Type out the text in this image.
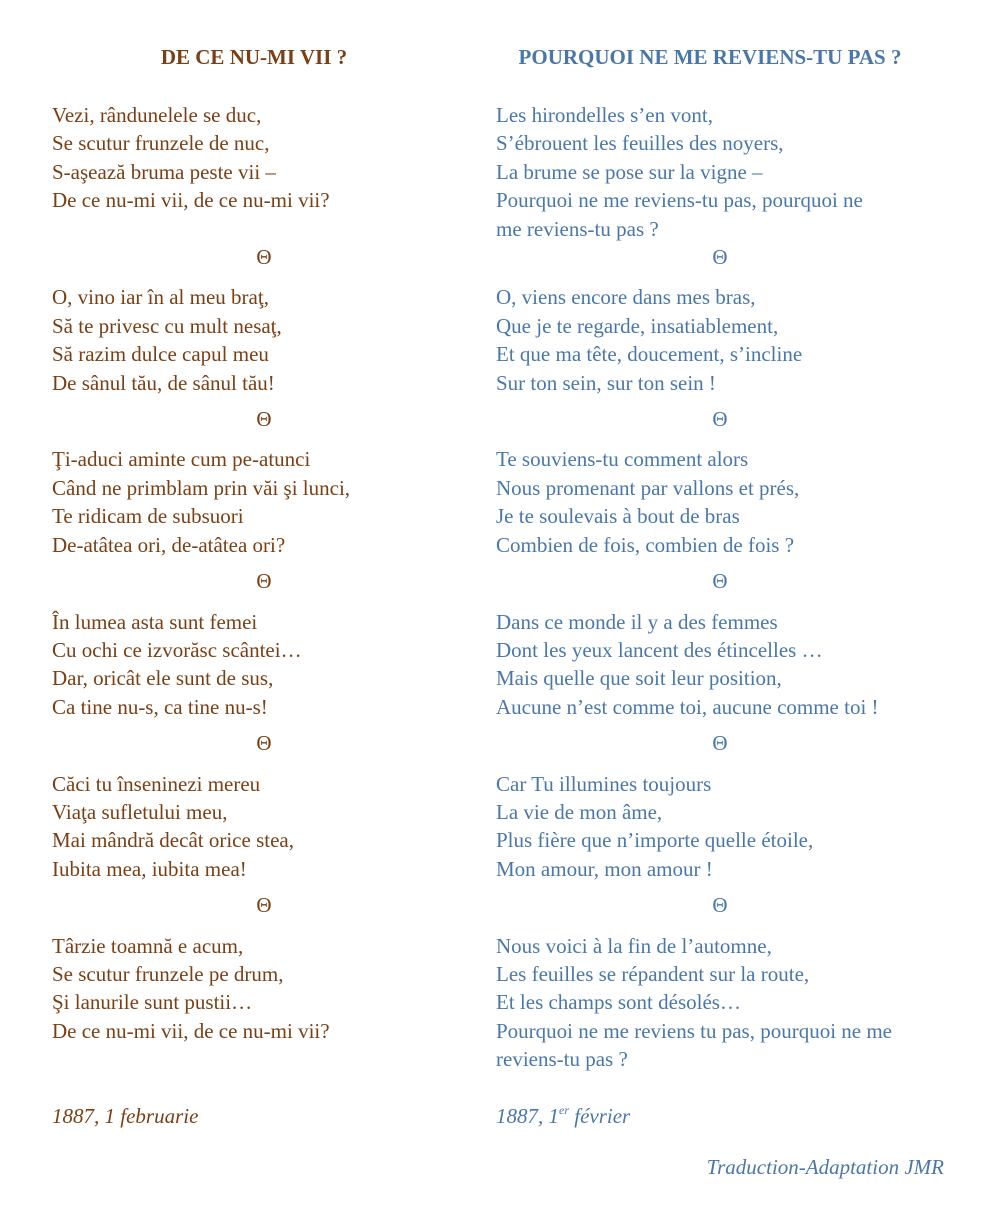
DE CE NU-MI VII ?	POURQUOI NE ME REVIENS-TU PAS ?
Vezi, rândunelele se duc,
Se scutur frunzele de nuc,
S-aşează bruma peste vii –
De ce nu-mi vii, de ce nu-mi vii?	Les hirondelles s’en vont,
S’ébrouent les feuilles des noyers,
La brume se pose sur la vigne –
Pourquoi ne me reviens-tu pas, pourquoi ne
me reviens-tu pas ?

Θ	Θ

O, vino iar în al meu braţ,
Să te privesc cu mult nesaţ,
Să razim dulce capul meu
De sânul tău, de sânul tău!	O, viens encore dans mes bras,
Que je te regarde, insatiablement,
Et que ma tête, doucement, s’incline
Sur ton sein, sur ton sein !

Θ	Θ

Ţi-aduci aminte cum pe-atunci
Când ne primblam prin văi şi lunci,
Te ridicam de subsuori
De-atâtea ori, de-atâtea ori?	Te souviens-tu comment alors
Nous promenant par vallons et prés,
Je te soulevais à bout de bras
Combien de fois, combien de fois ?

Θ	Θ

În lumea asta sunt femei
Cu ochi ce izvorăsc scântei…
Dar, oricât ele sunt de sus,
Ca tine nu-s, ca tine nu-s!	Dans ce monde il y a des femmes
Dont les yeux lancent des étincelles …
Mais quelle que soit leur position,
Aucune n’est comme toi, aucune comme toi !

Θ	Θ

Căci tu înseninezi mereu
Viaţa sufletului meu,
Mai mândră decât orice stea,
Iubita mea, iubita mea!	Car Tu illumines toujours
La vie de mon âme,
Plus fière que n’importe quelle étoile,
Mon amour, mon amour !

Θ	Θ

Târzie toamnă e acum,
Se scutur frunzele pe drum,
Şi lanurile sunt pustii…
De ce nu-mi vii, de ce nu-mi vii?	Nous voici à la fin de l’automne,
Les feuilles se répandent sur la route,
Et les champs sont désolés…
Pourquoi ne me reviens tu pas, pourquoi ne me
reviens-tu pas ?

1887, 1 februarie	1887, 1er février
Traduction-Adaptation JMR
